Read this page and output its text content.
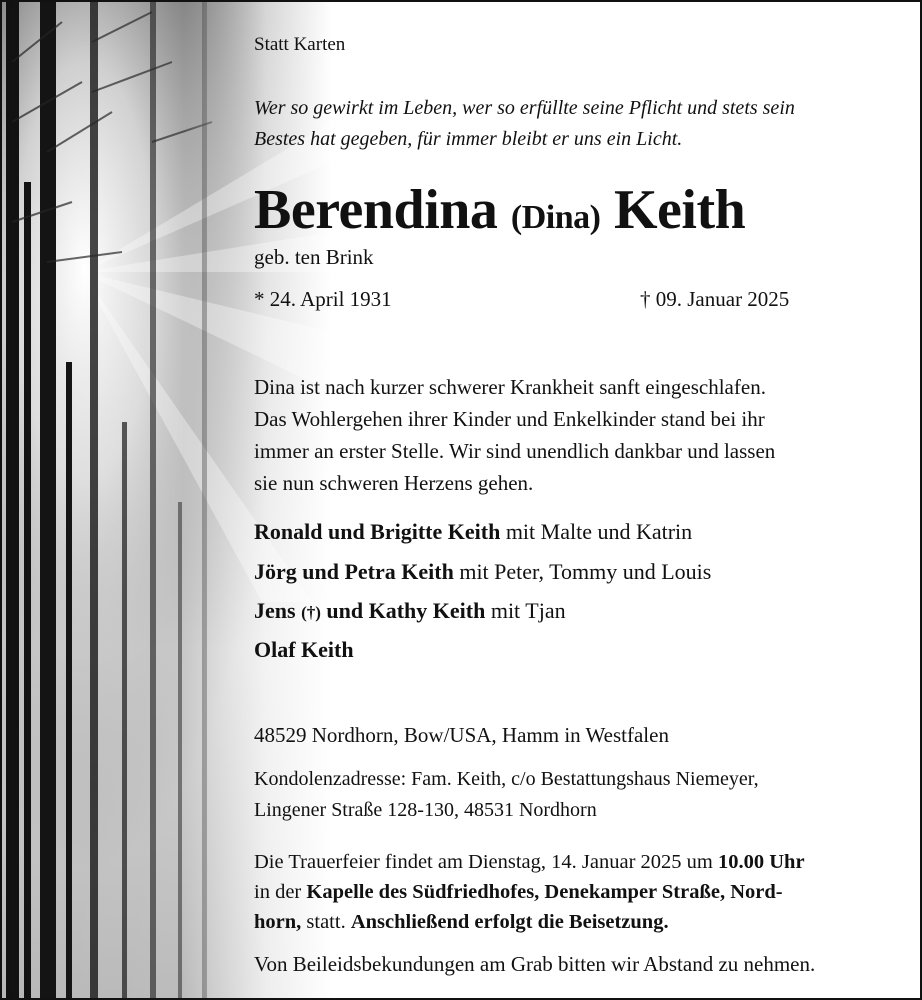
Statt Karten
Wer so gewirkt im Leben, wer so erfüllte seine Pflicht und stets sein
Bestes hat gegeben, für immer bleibt er uns ein Licht.
Berendina (Dina) Keith
geb. ten Brink
* 24. April 1931	† 09. Januar 2025
Dina ist nach kurzer schwerer Krankheit sanft eingeschlafen.
Das Wohlergehen ihrer Kinder und Enkelkinder stand bei ihr
immer an erster Stelle. Wir sind unendlich dankbar und lassen
sie nun schweren Herzens gehen.
Ronald und Brigitte Keith mit Malte und Katrin
Jörg und Petra Keith mit Peter, Tommy und Louis
Jens (†) und Kathy Keith mit Tjan
Olaf Keith
48529 Nordhorn, Bow/USA, Hamm in Westfalen
Kondolenzadresse: Fam. Keith, c/o Bestattungshaus Niemeyer,
Lingener Straße 128-130, 48531 Nordhorn
Die Trauerfeier findet am Dienstag, 14. Januar 2025 um 10.00 Uhr
in der Kapelle des Südfriedhofes, Denekamper Straße, Nord-
horn, statt. Anschließend erfolgt die Beisetzung.
Von Beileidsbekundungen am Grab bitten wir Abstand zu nehmen.
